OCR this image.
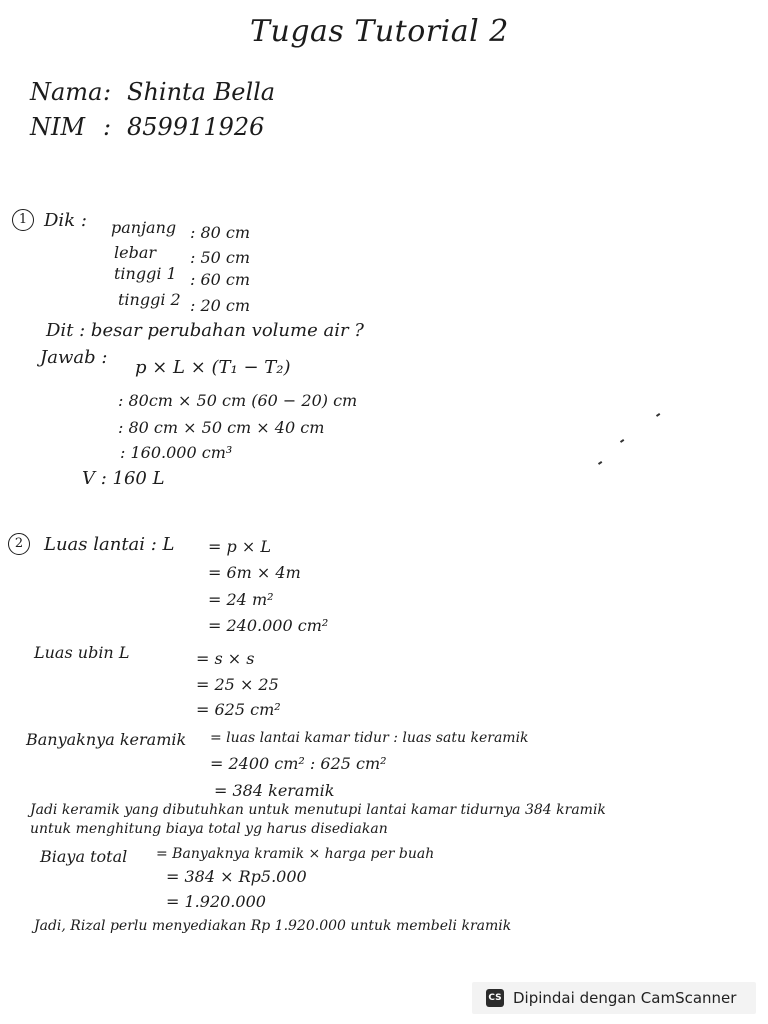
Tugas Tutorial 2
Nama : Shinta Bella
NIM : 859911926
1 Dik : panjang : 80 cm
lebar : 50 cm
tinggi 1 : 60 cm
tinggi 2 : 20 cm
Dit : besar perubahan volume air ?
Jawab : p × L × (T₁ − T₂)
: 80cm × 50 cm (60 − 20) cm
: 80 cm × 50 cm × 40 cm
: 160.000 cm³
V : 160 L
2	Luas lantai : L = p × L
= 6m × 4m
= 24 m²
= 240.000 cm²
Luas ubin L	= s × s
= 25 × 25
= 625 cm²
Banyaknya keramik = luas lantai kamar tidur : luas satu keramik
= 2400 cm² : 625 cm²
= 384 keramik
Jadi keramik yang dibutuhkan untuk menutupi lantai kamar tidurnya 384 kramik
untuk menghitung biaya total yg harus disediakan
Biaya total = Banyaknya kramik × harga per buah
= 384 × Rp5.000
= 1.920.000
Jadi, Rizal perlu menyediakan Rp 1.920.000 untuk membeli kramik
CS Dipindai dengan CamScanner
